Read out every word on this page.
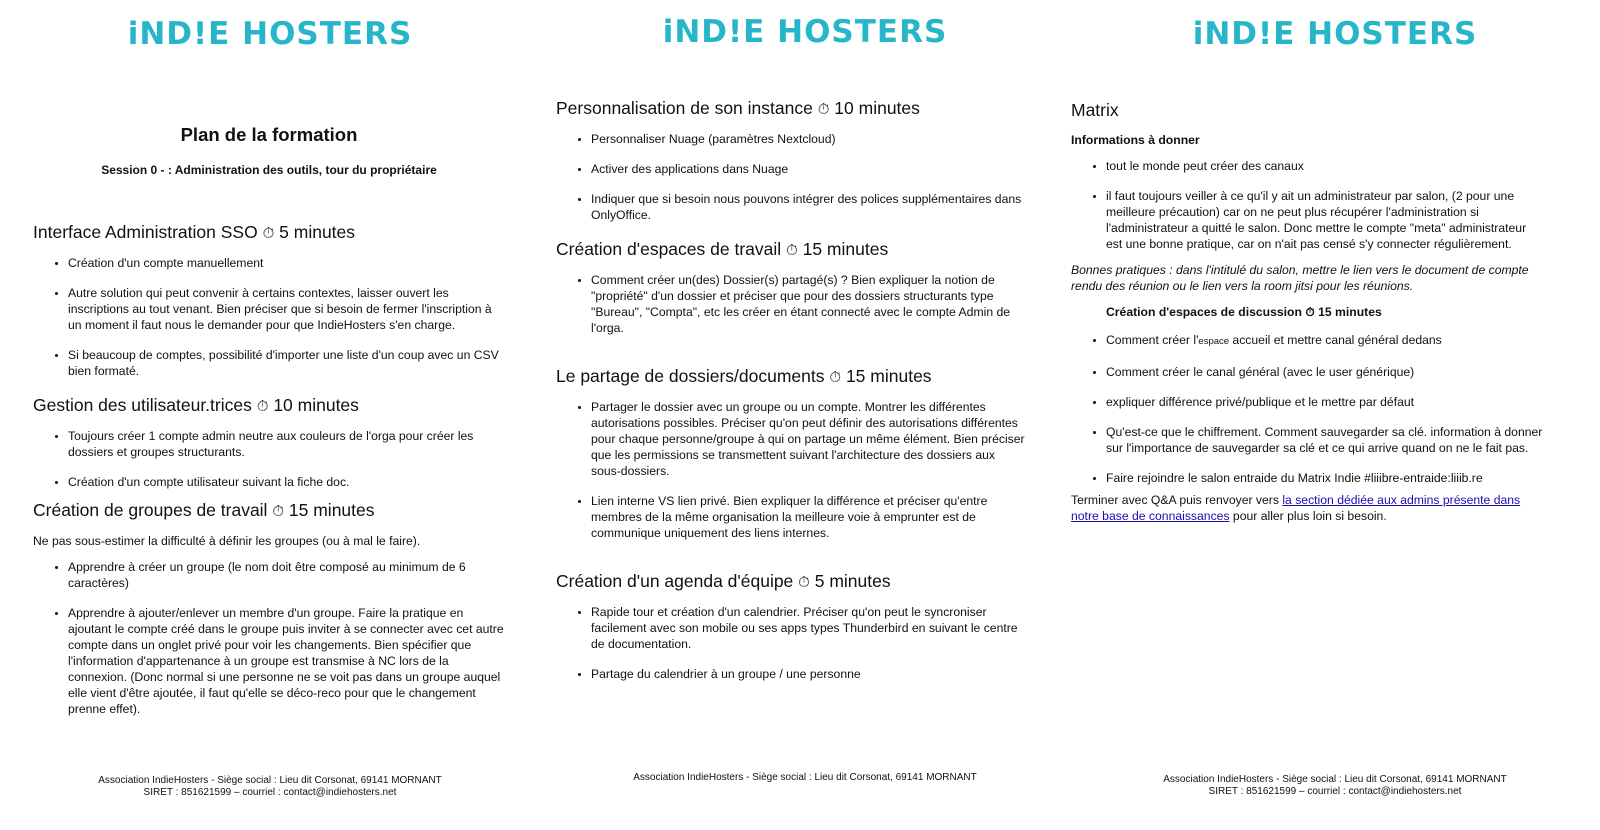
iND!E HOSTERS
Plan de la formation
Session 0 - : Administration des outils, tour du propriétaire
Interface Administration SSO ⏱ 5 minutes
• Création d'un compte manuellement
• Autre solution qui peut convenir à certains contextes, laisser ouvert les inscriptions au tout venant. Bien préciser que si besoin de fermer l'inscription à un moment il faut nous le demander pour que IndieHosters s'en charge.
• Si beaucoup de comptes, possibilité d'importer une liste d'un coup avec un CSV bien formaté.
Gestion des utilisateur.trices ⏱ 10 minutes
• Toujours créer 1 compte admin neutre aux couleurs de l'orga pour créer les dossiers et groupes structurants.
• Création d'un compte utilisateur suivant la fiche doc.
Création de groupes de travail ⏱ 15 minutes

Ne pas sous-estimer la difficulté à définir les groupes (ou à mal le faire).

• Apprendre à créer un groupe (le nom doit être composé au minimum de 6 caractères)
• Apprendre à ajouter/enlever un membre d'un groupe. Faire la pratique en ajoutant le compte créé dans le groupe puis inviter à se connecter avec cet autre compte dans un onglet privé pour voir les changements. Bien spécifier que l'information d'appartenance à un groupe est transmise à NC lors de la connexion. (Donc normal si une personne ne se voit pas dans un groupe auquel elle vient d'être ajoutée, il faut qu'elle se déco-reco pour que le changement prenne effet).
Association IndieHosters - Siège social : Lieu dit Corsonat, 69141 MORNANT
SIRET : 851621599 – courriel : contact@indiehosters.net
iND!E HOSTERS
Personnalisation de son instance ⏱ 10 minutes
• Personnaliser Nuage (paramètres Nextcloud)
• Activer des applications dans Nuage
• Indiquer que si besoin nous pouvons intégrer des polices supplémentaires dans OnlyOffice.
Création d'espaces de travail ⏱ 15 minutes
• Comment créer un(des) Dossier(s) partagé(s) ? Bien expliquer la notion de "propriété" d'un dossier et préciser que pour des dossiers structurants type "Bureau", "Compta", etc les créer en étant connecté avec le compte Admin de l'orga.
Le partage de dossiers/documents ⏱ 15 minutes
• Partager le dossier avec un groupe ou un compte. Montrer les différentes autorisations possibles. Préciser qu'on peut définir des autorisations différentes pour chaque personne/groupe à qui on partage un même élément. Bien préciser que les permissions se transmettent suivant l'architecture des dossiers aux sous-dossiers.
• Lien interne VS lien privé. Bien expliquer la différence et préciser qu'entre membres de la même organisation la meilleure voie à emprunter est de communique uniquement des liens internes.
Création d'un agenda d'équipe ⏱ 5 minutes
• Rapide tour et création d'un calendrier. Préciser qu'on peut le syncroniser facilement avec son mobile ou ses apps types Thunderbird en suivant le centre de documentation.
• Partage du calendrier à un groupe / une personne
Association IndieHosters - Siège social : Lieu dit Corsonat, 69141 MORNANT
iND!E HOSTERS
Matrix

Informations à donner

• tout le monde peut créer des canaux
• il faut toujours veiller à ce qu'il y ait un administrateur par salon, (2 pour une meilleure précaution) car on ne peut plus récupérer l'administration si l'administrateur a quitté le salon. Donc mettre le compte "meta" administrateur est une bonne pratique, car on n'ait pas censé s'y connecter régulièrement.

Bonnes pratiques : dans l'intitulé du salon, mettre le lien vers le document de compte rendu des réunion ou le lien vers la room jitsi pour les réunions.

Création d'espaces de discussion ⏱ 15 minutes
• Comment créer l'espace accueil et mettre canal général dedans
• Comment créer le canal général (avec le user générique)
• expliquer différence privé/publique et le mettre par défaut
• Qu'est-ce que le chiffrement. Comment sauvegarder sa clé. information à donner sur l'importance de sauvegarder sa clé et ce qui arrive quand on ne le fait pas.
• Faire rejoindre le salon entraide du Matrix Indie #liiibre-entraide:liiib.re

Terminer avec Q&A puis renvoyer vers la section dédiée aux admins présente dans notre base de connaissances pour aller plus loin si besoin.

Association IndieHosters - Siège social : Lieu dit Corsonat, 69141 MORNANT
SIRET : 851621599 – courriel : contact@indiehosters.net
